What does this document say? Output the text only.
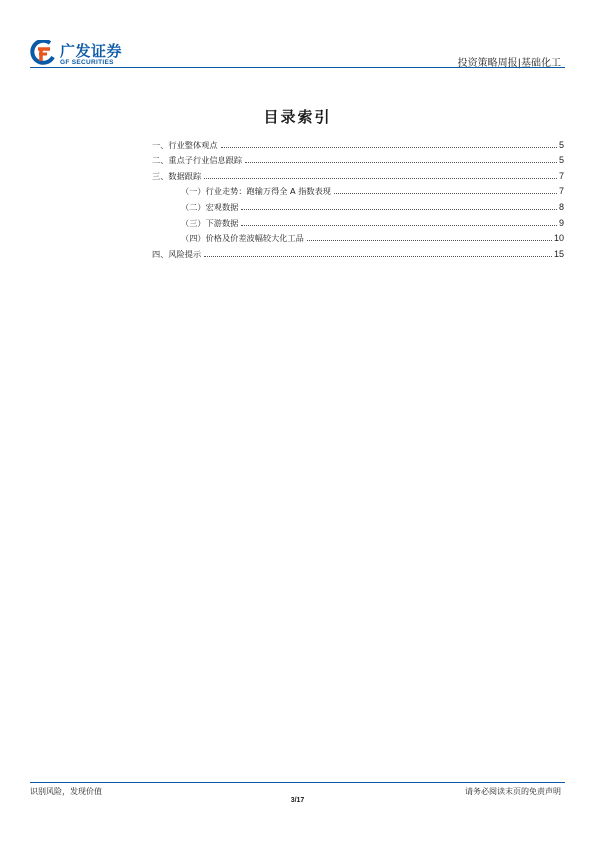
广发证券
GF SECURITIES	投资策略周报|基础化工
目录索引
一、行业整体观点	5
二、重点子行业信息跟踪	5
三、数据跟踪	7
（一）行业走势：跑输万得全 A 指数表现	7
（二）宏观数据	8
（三）下游数据	9
（四）价格及价差波幅较大化工品	10
四、风险提示	15
识别风险，发现价值	请务必阅读末页的免责声明
3/17
